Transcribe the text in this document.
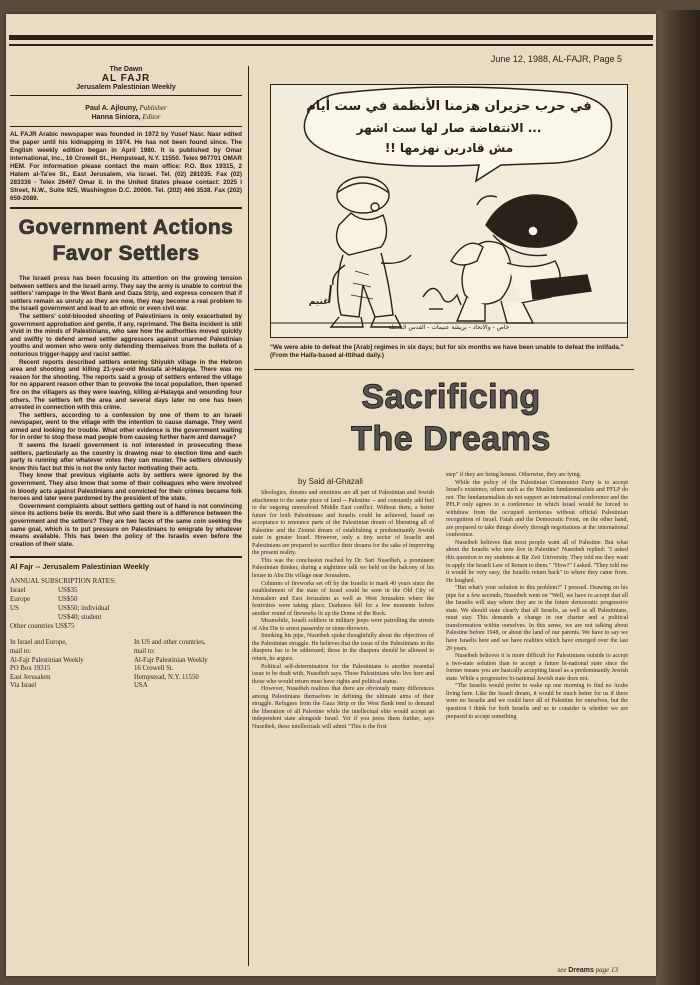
June 12, 1988, AL-FAJR, Page 5
The Dawn
AL FAJR
Jerusalem Palestinian Weekly
Paul A. Ajlouny, Publisher
Hanna Siniora, Editor

AL FAJR Arabic newspaper was founded in 1972 by Yusef Nasr. Nasr edited the paper until his kidnapping in 1974. He has not been found since. The English weekly edition began in April 1980. It is published by Omar International, Inc., 16 Crowell St., Hempstead, N.Y. 11550. Telex 967701 OMAR HEM. For information please contact the main office: P.O. Box 19315, 2 Hatem al-Ta'ee St., East Jerusalem, via Israel. Tel. (02) 281035. Fax (02) 283336 - Telex 26467 Omar il. In the United States please contact: 2025 I Street, N.W., Suite 925, Washington D.C. 20006. Tel. (202) 466 3538. Fax (202) 659-2089.

Government Actions
Favor Settlers

The Israeli press has been focusing its attention on the growing tension between settlers and the Israeli army. They say the army is unable to control the settlers' rampage in the West Bank and Gaza Strip, and express concern that if settlers remain as unruly as they are now, they may become a real problem to the Israeli government and lead to an ethnic or even civil war.

The settlers' cold-blooded shooting of Palestinians is only exacerbated by government approbation and gentle, if any, reprimand. The Beita incident is still vivid in the minds of Palestinians, who saw how the authorities moved quickly and swiftly to defend armed settler aggressors against unarmed Palestinian youths and women who were only defending themselves from the bullets of a notorious trigger-happy and racist settler.

Recent reports described settlers entering Shiyukh village in the Hebron area and shooting and killing 21-year-old Mustafa al-Halayqa. There was no reason for the shooting. The reports said a group of settlers entered the village for no apparent reason other than to provoke the local population, then opened fire on the villagers as they were leaving, killing al-Halayqa and wounding four others. The settlers left the area and several days later no one has been arrested in connection with this crime.

The settlers, according to a confession by one of them to an Israeli newspaper, went to the village with the intention to cause damage. They went armed and looking for trouble. What other evidence is the government waiting for in order to stop these mad people from causing further harm and damage?

It seems the Israeli government is not interested in prosecuting these settlers, particularly as the country is drawing near to election time and each party is running after whatever votes they can muster. The settlers obviously know this fact but this is not the only factor motivating their acts.

They know that previous vigilante acts by settlers were ignored by the government. They also know that some of their colleagues who were involved in bloody acts against Palestinians and convicted for their crimes became folk heroes and later were pardoned by the president of the state.

Government complaints about settlers getting out of hand is not convincing since its actions belie its words. But who said there is a difference between the government and the settlers? They are two faces of the same coin seeking the same goal, which is to put pressure on Palestinians to emigrate by whatever means available. This has been the policy of the Israelis even before the creation of their state.

Al Fajr -- Jerusalem Palestinian Weekly
ANNUAL SUBSCRIPTION RATES:
Israel	US$35
Europe	US$50
US	US$50; individual
US$40; student
Other countries US$75
In Israel and Europe,
mail to:
Al-Fajr Palestinian Weekly
PO Box 19315
East Jerusalem
Via Israel
In US and other countries,
mail to:
Al-Fajr Palestinian Weekly
16 Crowell St.
Hempstead, N.Y. 11550
USA
في حرب حزيران هزمنا الأنظمة في ست أيام
... الانتفاضة صار لها ست اشهر
مش قادرين نهزمها !!
غنيم
خاص - والاتحاد - بريشة عنيمات - القدس المحتلة
"We were able to defeat the [Arab] regimes in six days; but for six months we have been unable to defeat the intifada." (From the Haifa-based al-Ittihad daily.)
Sacrificing
The Dreams
by Said al-Ghazali

Ideologies, dreams and emotions are all part of Palestinian and Jewish attachment to the same piece of land -- Palestine -- and constantly add fuel to the ongoing unresolved Middle East conflict. Without them, a better future for both Palestinians and Israelis could be achieved, based on acceptance to renounce parts of the Palestinian dream of liberating all of Palestine and the Zionist dream of establishing a predominantly Jewish state in greater Israel. However, only a tiny sector of Israelis and Palestinians are prepared to sacrifice their dreams for the sake of improving the present reality.

This was the conclusion reached by Dr. Sari Nuseibeh, a prominent Palestinian thinker, during a nighttime talk we held on the balcony of his house in Abu Dis village near Jerusalem.

Columns of fireworks set off by the Israelis to mark 40 years since the establishment of the state of Israel could be seen in the Old City of Jerusalem and East Jerusalem as well as West Jerusalem where the festivities were taking place. Darkness fell for a few moments before another round of fireworks lit up the Dome of the Rock.

Meanwhile, Israeli soldiers in military jeeps were patrolling the streets of Abu Dis to arrest passersby or stone-throwers.

Smoking his pipe, Nuseibeh spoke thoughtfully about the objectives of the Palestinian struggle. He believes that the issue of the Palestinians in the diaspora has to be addressed; those in the diaspora should be allowed to return, he argues.

Political self-determination for the Palestinians is another essential issue to be dealt with, Nuseibeh says. Those Palestinians who live here and those who would return must have rights and political status.

However, Nuseibeh realizes that there are obviously many differences among Palestinians themselves in defining the ultimate aims of their struggle. Refugees from the Gaza Strip or the West Bank tend to demand the liberation of all Palestine while the intellectual elite would accept an independent state alongside Israel. Yet if you press them further, says Nuseibeh, these intellectuals will admit "This is the first

step" if they are being honest. Otherwise, they are lying.

While the policy of the Palestinian Communist Party is to accept Israel's existence, others such as the Muslim fundamentalists and PFLP do not. The fundamentalists do not support an international conference and the PFLP only agrees to a conference in which Israel would be forced to withdraw from the occupied territories without official Palestinian recognition of Israel. Fatah and the Democratic Front, on the other hand, are prepared to take things slowly through negotiations at the international conference.

Nuseibeh believes that most people want all of Palestine. But what about the Israelis who now live in Palestine? Nuseibeh replied: "I asked this question to my students at Bir Zeit University. They told me they want to apply the Israeli Law of Return to them." "How?" I asked. "They told me it would be very easy, the Israelis return back" to where they came from. He laughed.

"But what's your solution to this problem?" I pressed. Drawing on his pipe for a few seconds, Nuseibeh went on "Well, we have to accept that all the Israelis will stay where they are in the future democratic progressive state. We should state clearly that all Israelis, as well as all Palestinians, must stay. This demands a change in our charter and a political transformation within ourselves. In this sense, we are not talking about Palestine before 1948, or about the land of our parents. We have to say we have Israelis here and we have realities which have emerged over the last 20 years.

Nuseibeh believes it is more difficult for Palestinians outside to accept a two-state solution than to accept a future bi-national state since the former means you are basically accepting Israel as a predominantly Jewish state. While a progressive bi-national Jewish state does not.

"The Israelis would prefer to wake up one morning to find no Arabs living here. Like the Israeli dream, it would be much better for us if there were no Israelis and we could have all of Palestine for ourselves, but the question I think for both Israelis and us to consider is whether we are prepared to accept something

see Dreams page 13
